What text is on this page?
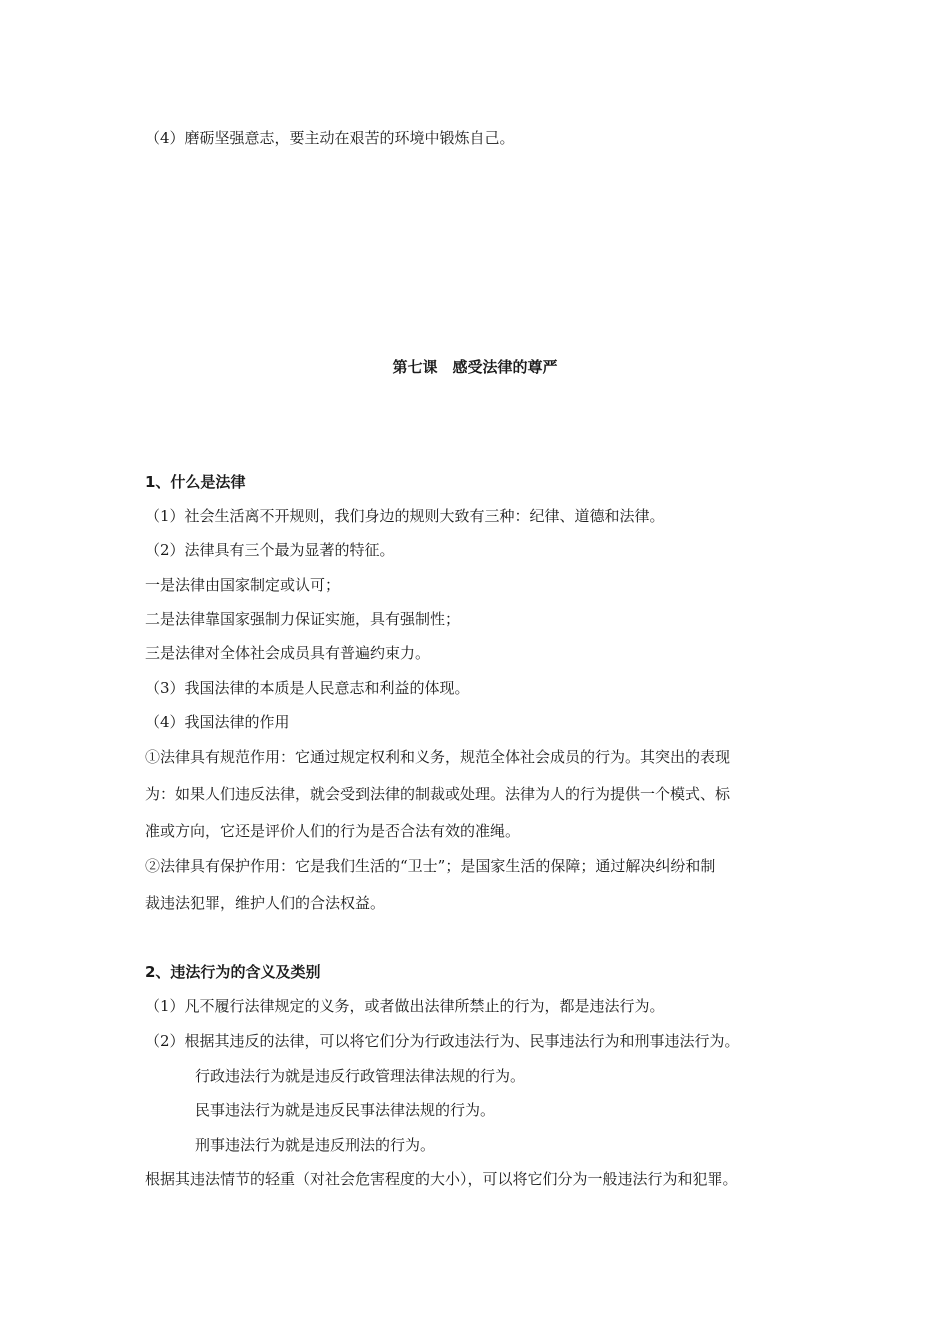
（4）磨砺坚强意志，要主动在艰苦的环境中锻炼自己。
第七课　感受法律的尊严
1、什么是法律
（1）社会生活离不开规则，我们身边的规则大致有三种：纪律、道德和法律。
（2）法律具有三个最为显著的特征。
一是法律由国家制定或认可；
二是法律靠国家强制力保证实施，具有强制性；
三是法律对全体社会成员具有普遍约束力。
（3）我国法律的本质是人民意志和利益的体现。
（4）我国法律的作用
①法律具有规范作用：它通过规定权利和义务，规范全体社会成员的行为。其突出的表现
为：如果人们违反法律，就会受到法律的制裁或处理。法律为人的行为提供一个模式、标
准或方向，它还是评价人们的行为是否合法有效的准绳。
②法律具有保护作用：它是我们生活的“卫士”；是国家生活的保障；通过解决纠纷和制
裁违法犯罪，维护人们的合法权益。
2、违法行为的含义及类别
（1）凡不履行法律规定的义务，或者做出法律所禁止的行为，都是违法行为。
（2）根据其违反的法律，可以将它们分为行政违法行为、民事违法行为和刑事违法行为。
行政违法行为就是违反行政管理法律法规的行为。
民事违法行为就是违反民事法律法规的行为。
刑事违法行为就是违反刑法的行为。
根据其违法情节的轻重（对社会危害程度的大小），可以将它们分为一般违法行为和犯罪。
